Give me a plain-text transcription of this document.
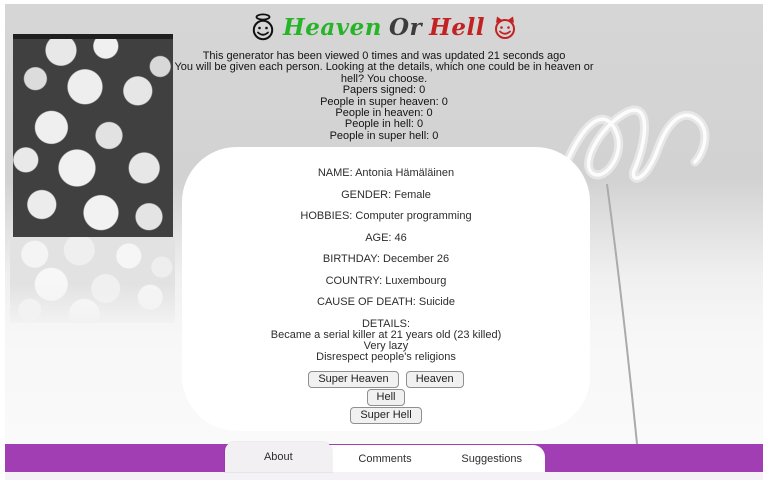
Heaven Or Hell

This generator has been viewed 0 times and was updated 21 seconds ago

You will be given each person. Looking at the details, which one could be in heaven or hell? You choose.

Papers signed: 0

People in super heaven: 0

People in heaven: 0

People in hell: 0

People in super hell: 0

NAME: Antonia Hämäläinen

GENDER: Female

HOBBIES: Computer programming

AGE: 46

BIRTHDAY: December 26

COUNTRY: Luxembourg

CAUSE OF DEATH: Suicide

DETAILS:

Became a serial killer at 21 years old (23 killed)

Very lazy

Disrespect people's religions

Super Heaven Heaven
Hell
Super Hell
About	Comments	Suggestions
